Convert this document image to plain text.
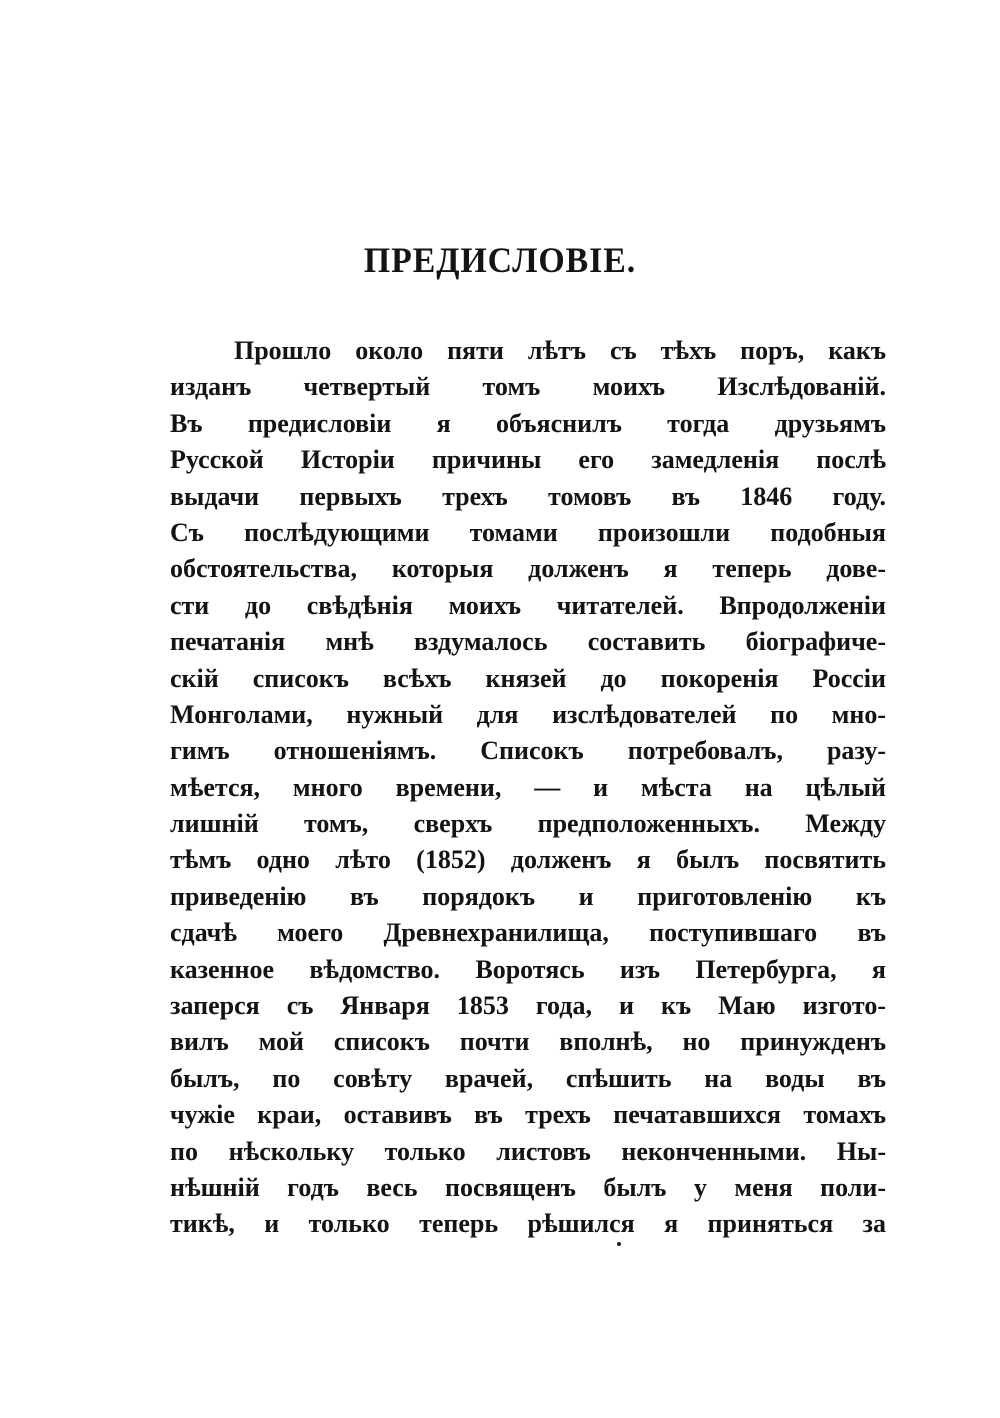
ПРЕДИСЛОВІЕ.
Прошло около пяти лѣтъ съ тѣхъ поръ, какъ
изданъ четвертый томъ моихъ Изслѣдованій.
Въ предисловіи я объяснилъ тогда друзьямъ
Русской Исторіи причины его замедленія послѣ
выдачи первыхъ трехъ томовъ въ 1846 году.
Съ послѣдующими томами произошли подобныя
обстоятельства, которыя долженъ я теперь дове-
сти до свѣдѣнія моихъ читателей. Впродолженіи
печатанія мнѣ вздумалось составить біографиче-
скій списокъ всѣхъ князей до покоренія Россіи
Монголами, нужный для изслѣдователей по мно-
гимъ отношеніямъ. Списокъ потребовалъ, разу-
мѣется, много времени, — и мѣста на цѣлый
лишній томъ, сверхъ предположенныхъ. Между
тѣмъ одно лѣто (1852) долженъ я былъ посвятить
приведенію въ порядокъ и приготовленію къ
сдачѣ моего Древнехранилища, поступившаго въ
казенное вѣдомство. Воротясь изъ Петербурга, я
заперся съ Января 1853 года, и къ Маю изгото-
вилъ мой списокъ почти вполнѣ, но принужденъ
былъ, по совѣту врачей, спѣшить на воды въ
чужіе краи, оставивъ въ трехъ печатавшихся томахъ
по нѣскольку только листовъ неконченными. Ны-
нѣшній годъ весь посвященъ былъ у меня поли-
тикѣ, и только теперь рѣшился я приняться за
